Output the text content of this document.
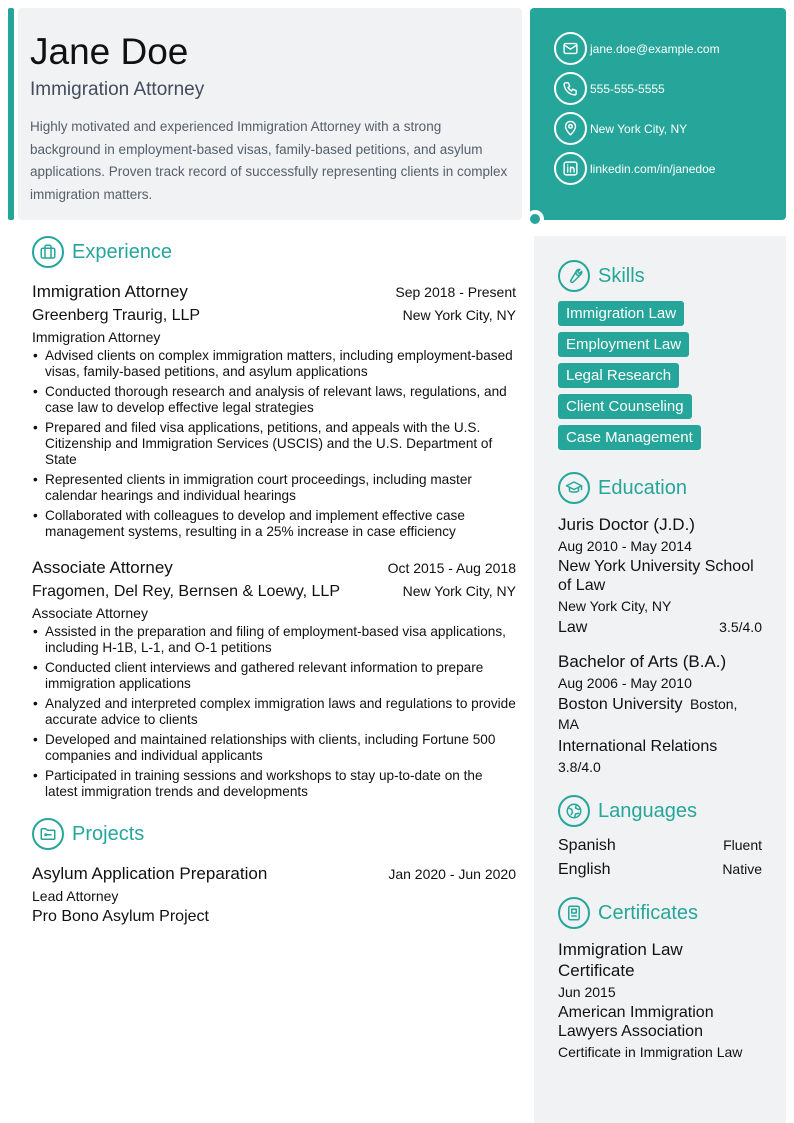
Jane Doe
Immigration Attorney
Highly motivated and experienced Immigration Attorney with a strong background in employment-based visas, family-based petitions, and asylum applications. Proven track record of successfully representing clients in complex immigration matters.
jane.doe@example.com
555-555-5555
New York City, NY
linkedin.com/in/janedoe
Experience
Immigration Attorney	Sep 2018 - Present
Greenberg Traurig, LLP	New York City, NY
Immigration Attorney
• Advised clients on complex immigration matters, including employment-based visas, family-based petitions, and asylum applications
• Conducted thorough research and analysis of relevant laws, regulations, and case law to develop effective legal strategies
• Prepared and filed visa applications, petitions, and appeals with the U.S. Citizenship and Immigration Services (USCIS) and the U.S. Department of State
• Represented clients in immigration court proceedings, including master calendar hearings and individual hearings
• Collaborated with colleagues to develop and implement effective case management systems, resulting in a 25% increase in case efficiency
Associate Attorney	Oct 2015 - Aug 2018
Fragomen, Del Rey, Bernsen & Loewy, LLP	New York City, NY
Associate Attorney
• Assisted in the preparation and filing of employment-based visa applications, including H-1B, L-1, and O-1 petitions
• Conducted client interviews and gathered relevant information to prepare immigration applications
• Analyzed and interpreted complex immigration laws and regulations to provide accurate advice to clients
• Developed and maintained relationships with clients, including Fortune 500 companies and individual applicants
• Participated in training sessions and workshops to stay up-to-date on the latest immigration trends and developments
Projects
Asylum Application Preparation	Jan 2020 - Jun 2020
Lead Attorney
Pro Bono Asylum Project
Skills
Immigration Law
Employment Law
Legal Research
Client Counseling
Case Management
Education
Juris Doctor (J.D.)
Aug 2010 - May 2014
New York University School of Law
New York City, NY
Law	3.5/4.0
Bachelor of Arts (B.A.)
Aug 2006 - May 2010
Boston University Boston, MA
International Relations
3.8/4.0
Languages
Spanish	Fluent
English	Native
Certificates
Immigration Law Certificate
Jun 2015
American Immigration Lawyers Association
Certificate in Immigration Law
